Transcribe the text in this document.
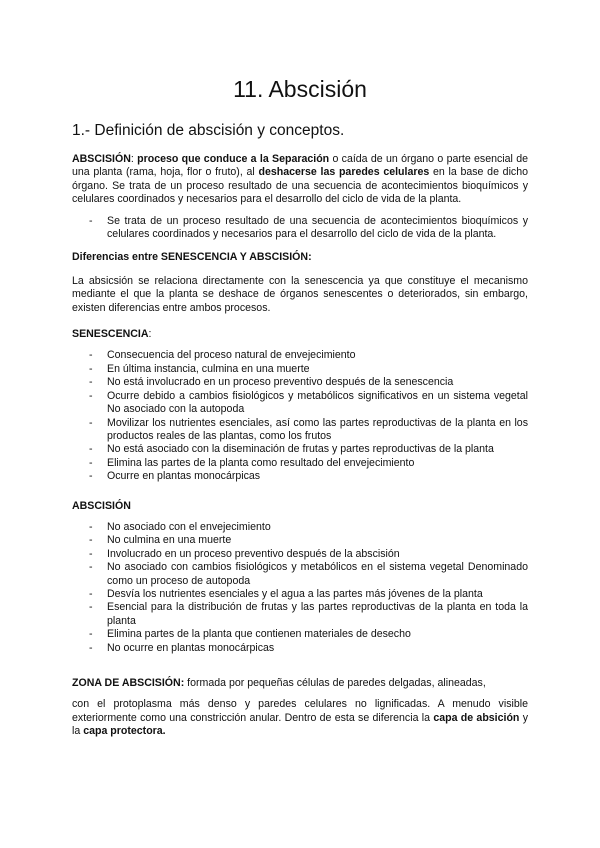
11. Abscisión
1.- Definición de abscisión y conceptos.

ABSCISIÓN: proceso que conduce a la Separación o caída de un órgano o parte esencial de una planta (rama, hoja, flor o fruto), al deshacerse las paredes celulares en la base de dicho órgano. Se trata de un proceso resultado de una secuencia de acontecimientos bioquímicos y celulares coordinados y necesarios para el desarrollo del ciclo de vida de la planta.

- Se trata de un proceso resultado de una secuencia de acontecimientos bioquímicos y celulares coordinados y necesarios para el desarrollo del ciclo de vida de la planta.

Diferencias entre SENESCENCIA Y ABSCISIÓN:

La absicsión se relaciona directamente con la senescencia ya que constituye el mecanismo mediante el que la planta se deshace de órganos senescentes o deteriorados, sin embargo, existen diferencias entre ambos procesos.

SENESCENCIA:

- Consecuencia del proceso natural de envejecimiento
- En última instancia, culmina en una muerte
- No está involucrado en un proceso preventivo después de la senescencia
- Ocurre debido a cambios fisiológicos y metabólicos significativos en un sistema vegetal No asociado con la autopoda
- Movilizar los nutrientes esenciales, así como las partes reproductivas de la planta en los productos reales de las plantas, como los frutos
- No está asociado con la diseminación de frutas y partes reproductivas de la planta
- Elimina las partes de la planta como resultado del envejecimiento
- Ocurre en plantas monocárpicas

ABSCISIÓN

- No asociado con el envejecimiento
- No culmina en una muerte
- Involucrado en un proceso preventivo después de la abscisión
- No asociado con cambios fisiológicos y metabólicos en el sistema vegetal Denominado como un proceso de autopoda
- Desvía los nutrientes esenciales y el agua a las partes más jóvenes de la planta
- Esencial para la distribución de frutas y las partes reproductivas de la planta en toda la planta
- Elimina partes de la planta que contienen materiales de desecho
- No ocurre en plantas monocárpicas

ZONA DE ABSCISIÓN: formada por pequeñas células de paredes delgadas, alineadas,

con el protoplasma más denso y paredes celulares no lignificadas. A menudo visible exteriormente como una constricción anular. Dentro de esta se diferencia la capa de absición y la capa protectora.
